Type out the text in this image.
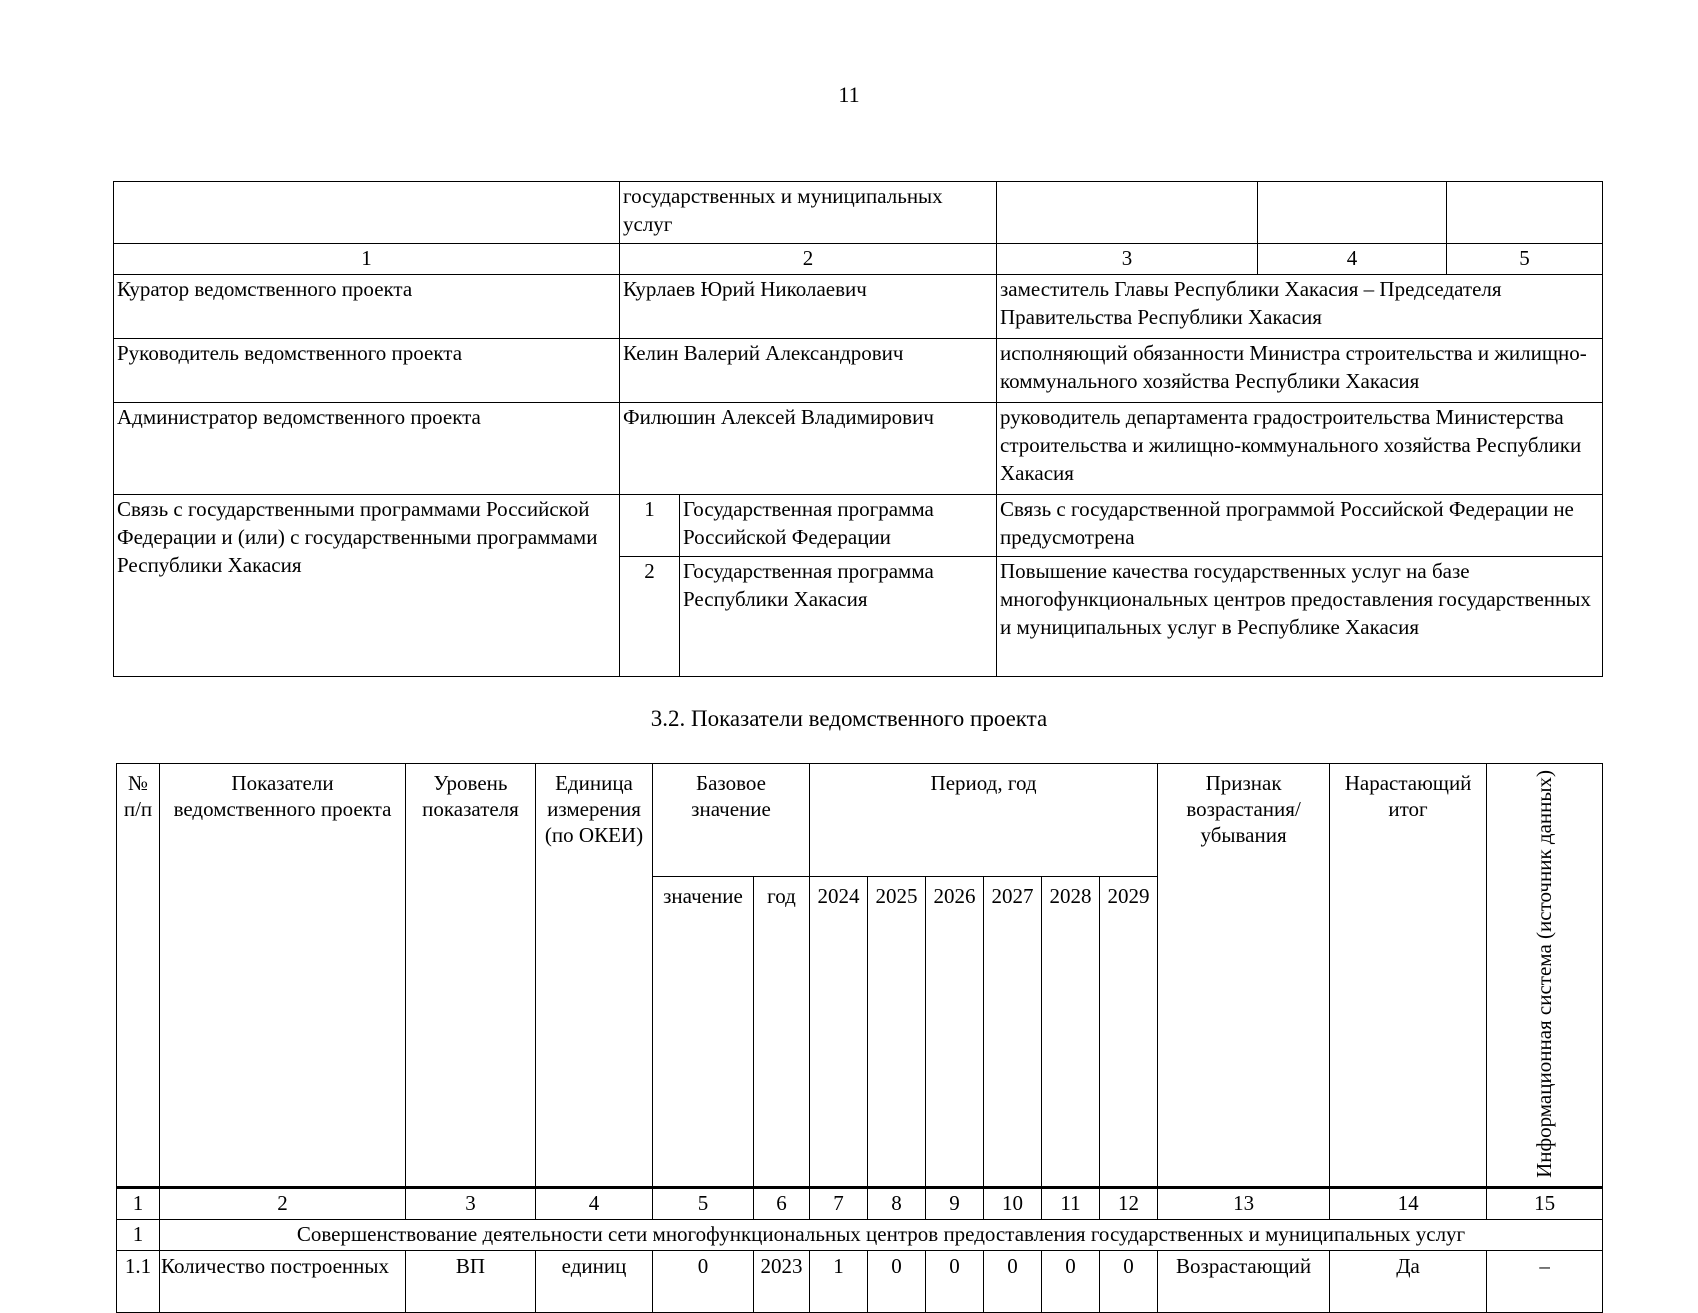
11
	государственных и муниципальных услуг				
1	2		3	4	5
Куратор ведомственного проекта	Курлаев Юрий Николаевич		заместитель Главы Республики Хакасия – Председателя Правительства Республики Хакасия		
Руководитель ведомственного проекта	Келин Валерий Александрович		исполняющий обязанности Министра строительства и жилищно-коммунального хозяйства Республики Хакасия		
Администратор ведомственного проекта	Филюшин Алексей Владимирович		руководитель департамента градостроительства Министерства строительства и жилищно-коммунального хозяйства Республики Хакасия		
Связь с государственными программами Российской Федерации и (или) с государственными программами Республики Хакасия	1	Государственная программа Российской Федерации	Связь с государственной программой Российской Федерации не предусмотрена		
	2	Государственная программа Республики Хакасия	Повышение качества государственных услуг на базе многофункциональных центров предоставления государственных и муниципальных услуг в Республике Хакасия		
3.2. Показатели ведомственного проекта
№ п/п	Показатели ведомственного проекта	Уровень показателя	Единица измерения (по ОКЕИ)	Базовое значение		Период, год						Признак возрастания/ убывания	Нарастающий итог	Информационная система (источник данных)
				значение	год	2024	2025	2026	2027	2028	2029			
1	2	3	4	5	6	7	8	9	10	11	12	13	14	15
1	Совершенствование деятельности сети многофункциональных центров предоставления государственных и муниципальных услуг													
1.1	Количество построенных	ВП	единиц	0	2023	1	0	0	0	0	0	Возрастающий	Да	–
